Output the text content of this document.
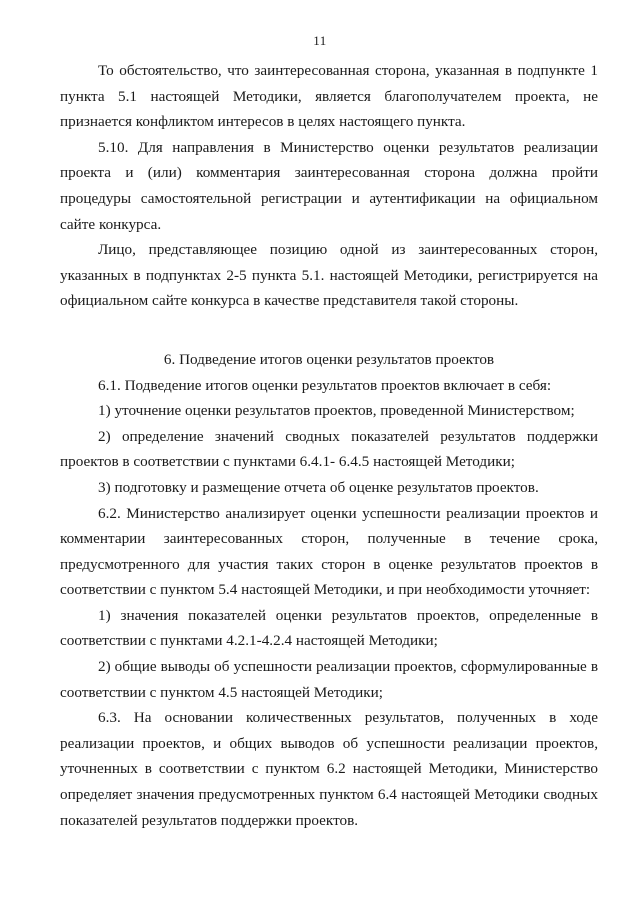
11

То обстоятельство, что заинтересованная сторона, указанная в подпункте 1 пункта 5.1 настоящей Методики, является благополучателем проекта, не признается конфликтом интересов в целях настоящего пункта.

5.10. Для направления в Министерство оценки результатов реализации проекта и (или) комментария заинтересованная сторона должна пройти процедуры самостоятельной регистрации и аутентификации на официальном сайте конкурса.

Лицо, представляющее позицию одной из заинтересованных сторон, указанных в подпунктах 2-5 пункта 5.1. настоящей Методики, регистрируется на официальном сайте конкурса в качестве представителя такой стороны.

6. Подведение итогов оценки результатов проектов

6.1. Подведение итогов оценки результатов проектов включает в себя:

1) уточнение оценки результатов проектов, проведенной Министерством;

2) определение значений сводных показателей результатов поддержки проектов в соответствии с пунктами 6.4.1- 6.4.5 настоящей Методики;

3) подготовку и размещение отчета об оценке результатов проектов.

6.2. Министерство анализирует оценки успешности реализации проектов и комментарии заинтересованных сторон, полученные в течение срока, предусмотренного для участия таких сторон в оценке результатов проектов в соответствии с пунктом 5.4 настоящей Методики, и при необходимости уточняет:

1) значения показателей оценки результатов проектов, определенные в соответствии с пунктами 4.2.1-4.2.4 настоящей Методики;

2) общие выводы об успешности реализации проектов, сформулированные в соответствии с пунктом 4.5 настоящей Методики;

6.3. На основании количественных результатов, полученных в ходе реализации проектов, и общих выводов об успешности реализации проектов, уточненных в соответствии с пунктом 6.2 настоящей Методики, Министерство определяет значения предусмотренных пунктом 6.4 настоящей Методики сводных показателей результатов поддержки проектов.
